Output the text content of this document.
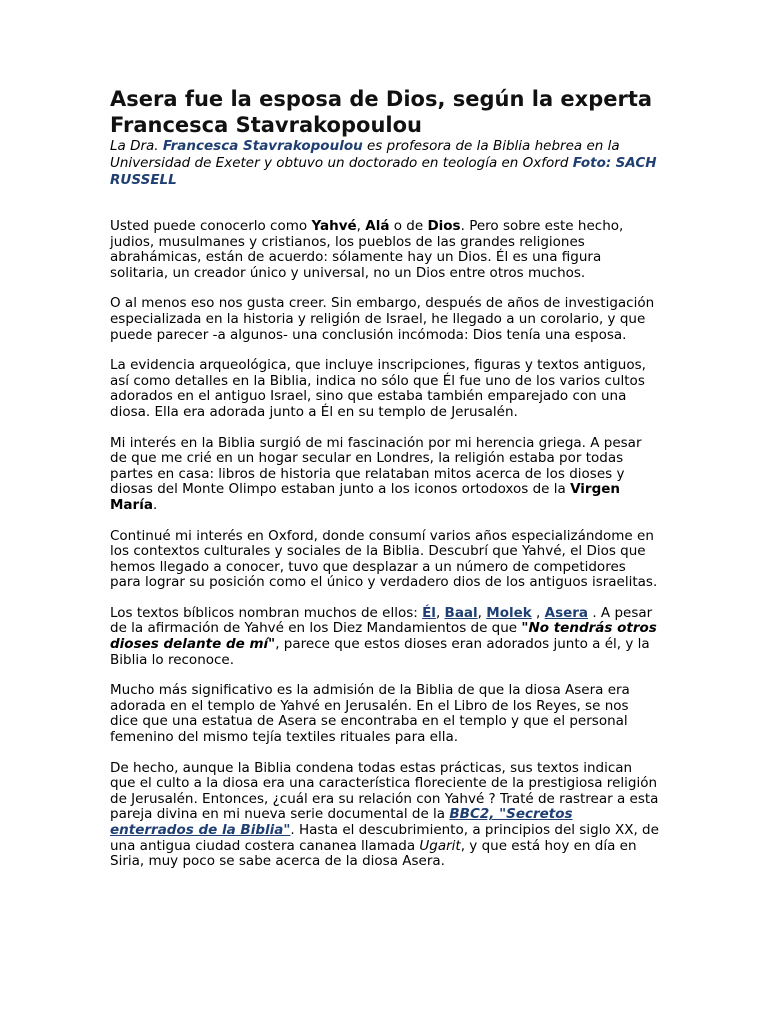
Asera fue la esposa de Dios, según la experta Francesca Stavrakopoulou

La Dra. Francesca Stavrakopoulou es profesora de la Biblia hebrea en la Universidad de Exeter y obtuvo un doctorado en teología en Oxford Foto: SACH RUSSELL

Usted puede conocerlo como Yahvé, Alá o de Dios. Pero sobre este hecho, judios, musulmanes y cristianos, los pueblos de las grandes religiones abrahámicas, están de acuerdo: sólamente hay un Dios. Él es una figura solitaria, un creador único y universal, no un Dios entre otros muchos.

O al menos eso nos gusta creer. Sin embargo, después de años de investigación especializada en la historia y religión de Israel, he llegado a un corolario, y que puede parecer -a algunos- una conclusión incómoda: Dios tenía una esposa.

La evidencia arqueológica, que incluye inscripciones, figuras y textos antiguos, así como detalles en la Biblia, indica no sólo que Él fue uno de los varios cultos adorados en el antiguo Israel, sino que estaba también emparejado con una diosa. Ella era adorada junto a Él en su templo de Jerusalén.

Mi interés en la Biblia surgió de mi fascinación por mi herencia griega. A pesar de que me crié en un hogar secular en Londres, la religión estaba por todas partes en casa: libros de historia que relataban mitos acerca de los dioses y diosas del Monte Olimpo estaban junto a los iconos ortodoxos de la Virgen María.

Continué mi interés en Oxford, donde consumí varios años especializándome en los contextos culturales y sociales de la Biblia. Descubrí que Yahvé, el Dios que hemos llegado a conocer, tuvo que desplazar a un número de competidores para lograr su posición como el único y verdadero dios de los antiguos israelitas.

Los textos bíblicos nombran muchos de ellos: Él, Baal, Molek , Asera . A pesar de la afirmación de Yahvé en los Diez Mandamientos de que "No tendrás otros dioses delante de mí", parece que estos dioses eran adorados junto a él, y la Biblia lo reconoce.

Mucho más significativo es la admisión de la Biblia de que la diosa Asera era adorada en el templo de Yahvé en Jerusalén. En el Libro de los Reyes, se nos dice que una estatua de Asera se encontraba en el templo y que el personal femenino del mismo tejía textiles rituales para ella.

De hecho, aunque la Biblia condena todas estas prácticas, sus textos indican que el culto a la diosa era una característica floreciente de la prestigiosa religión de Jerusalén. Entonces, ¿cuál era su relación con Yahvé ? Traté de rastrear a esta pareja divina en mi nueva serie documental de la BBC2, "Secretos enterrados de la Biblia". Hasta el descubrimiento, a principios del siglo XX, de una antigua ciudad costera cananea llamada Ugarit, y que está hoy en día en Siria, muy poco se sabe acerca de la diosa Asera.
